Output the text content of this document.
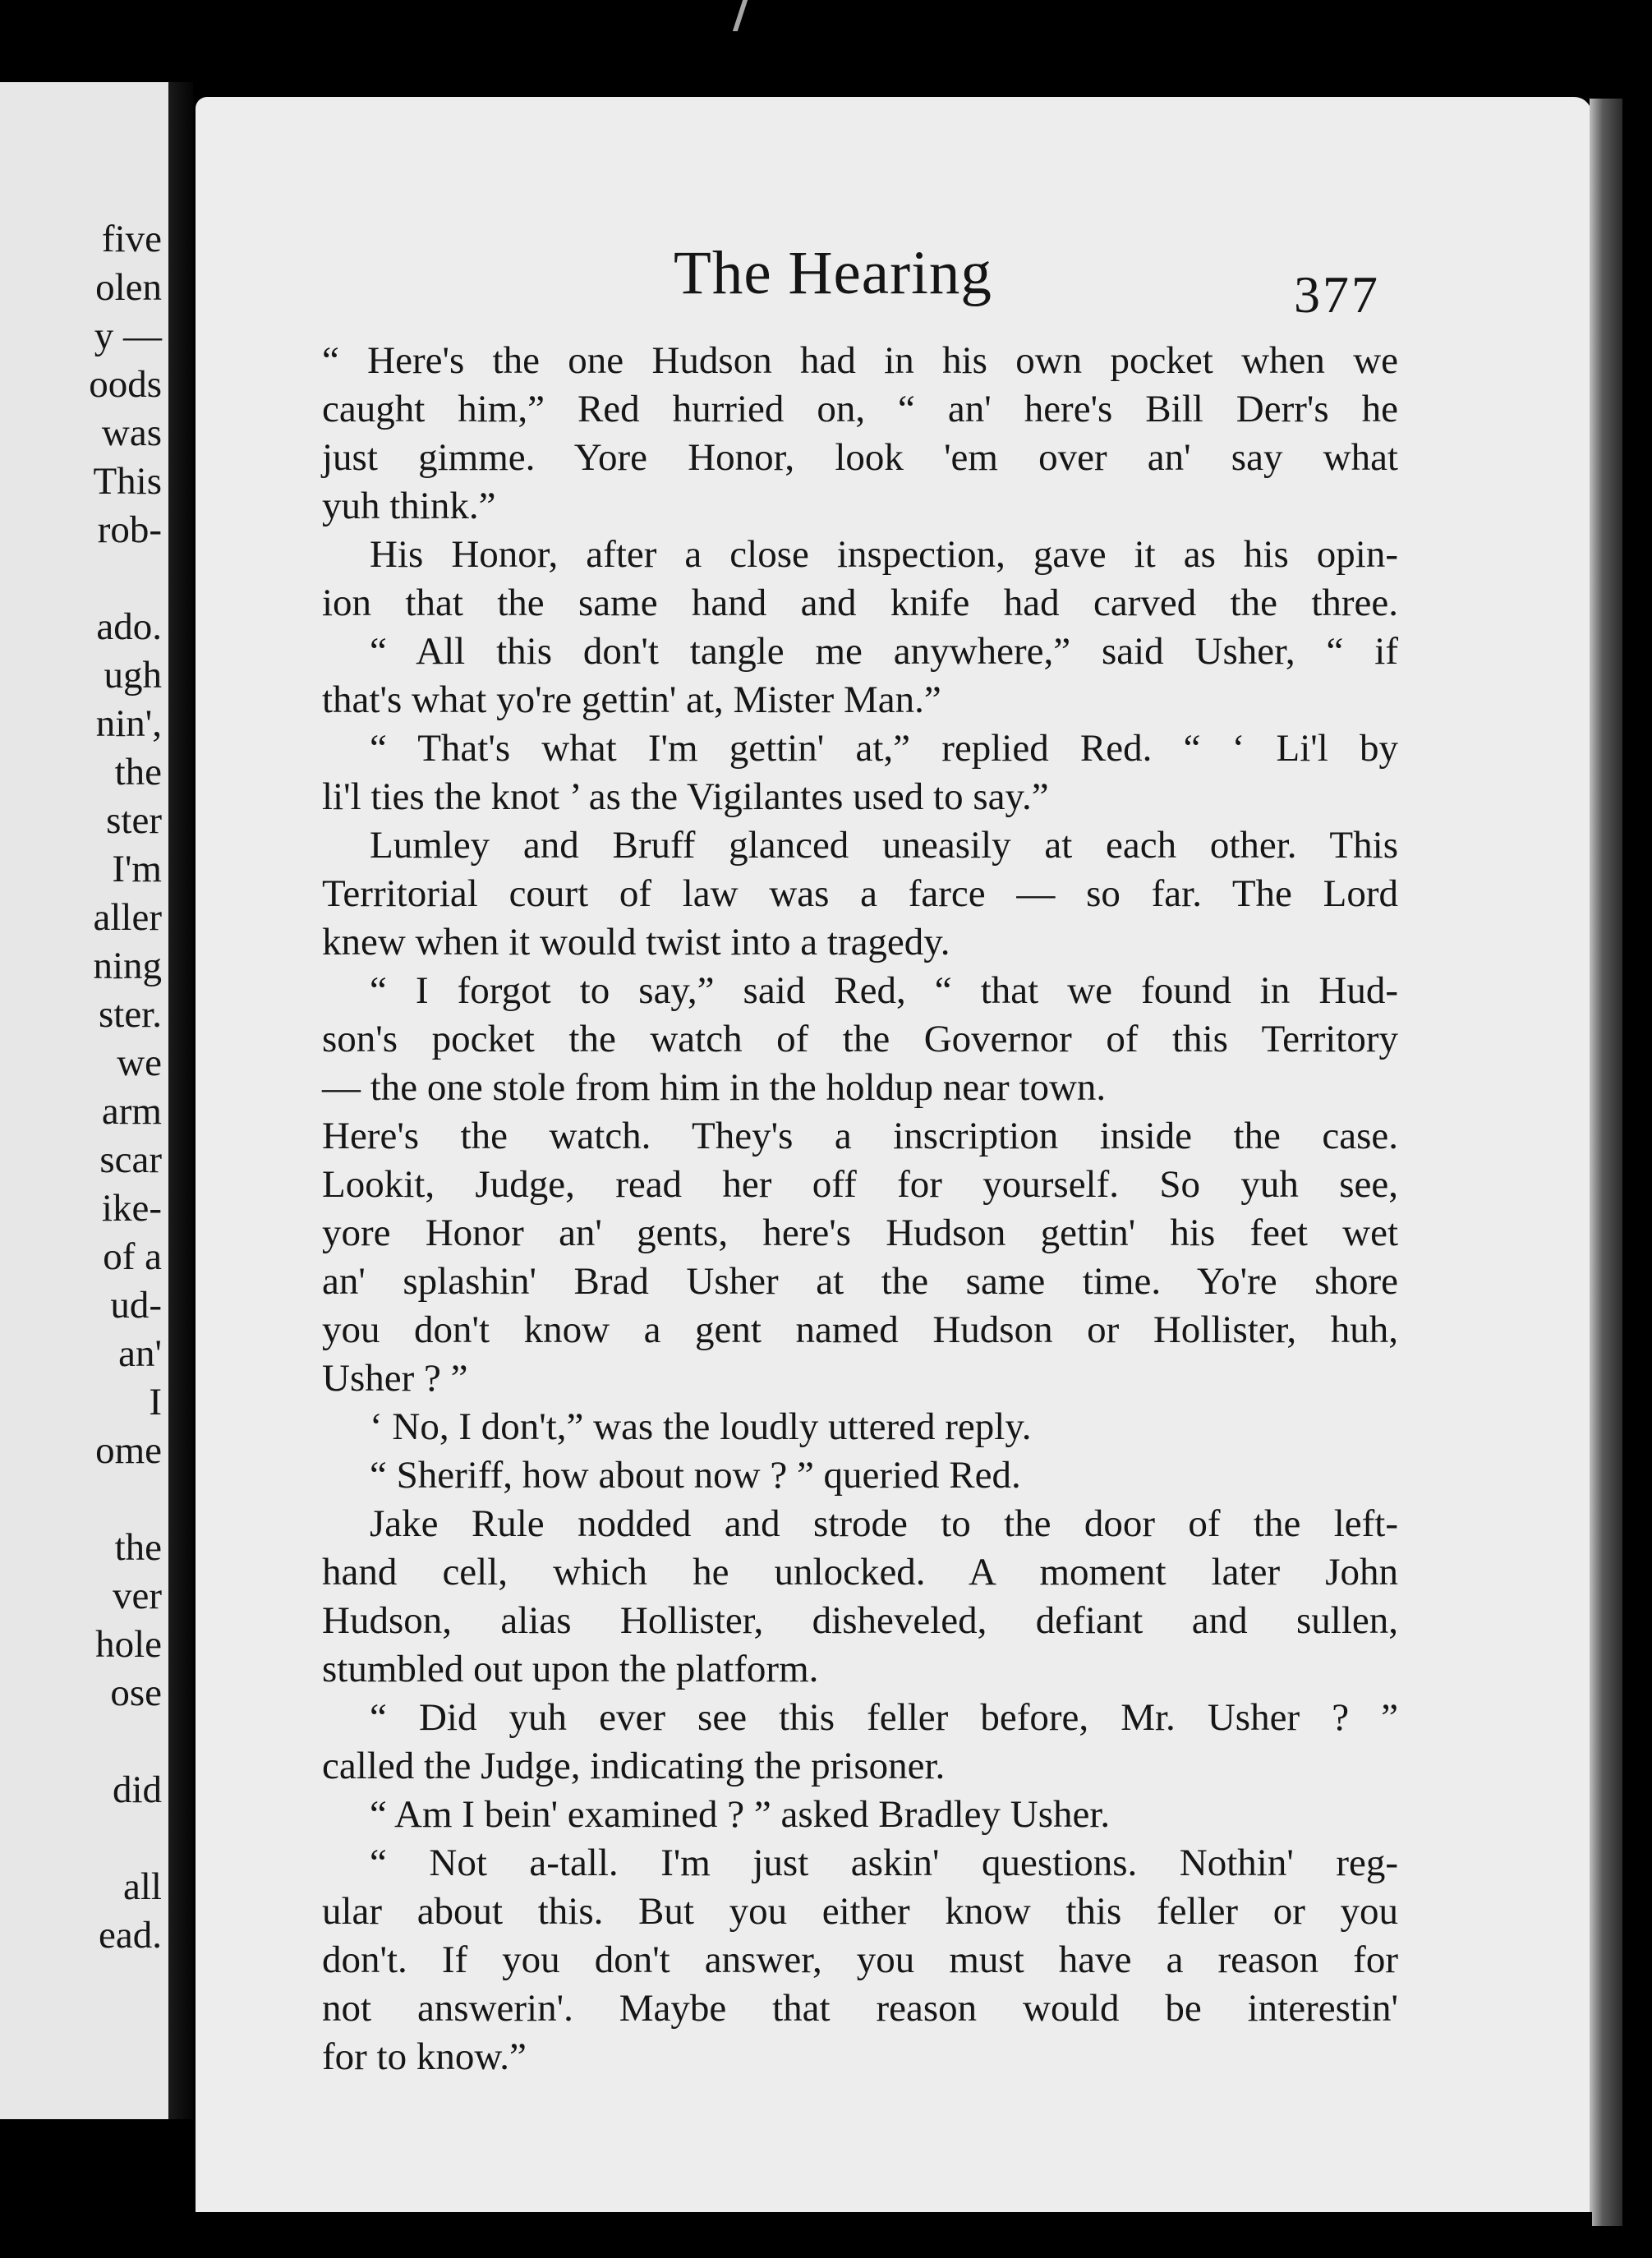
five
olen
y —
oods
was
This
rob-
ado.
ugh
nin',
the
ster
I'm
aller
ning
ster.
we
arm
scar
ike-
of a
ud-
an'
I
ome
the
ver
hole
ose
did
all
ead.
The Hearing	377
“ Here's the one Hudson had in his own pocket when we
caught him,” Red hurried on, “ an' here's Bill Derr's he
just gimme. Yore Honor, look 'em over an' say what
yuh think.”
His Honor, after a close inspection, gave it as his opin-
ion that the same hand and knife had carved the three.
“ All this don't tangle me anywhere,” said Usher, “ if
that's what yo're gettin' at, Mister Man.”
“ That's what I'm gettin' at,” replied Red. “ ‘ Li'l by
li'l ties the knot ’ as the Vigilantes used to say.”
Lumley and Bruff glanced uneasily at each other. This
Territorial court of law was a farce — so far. The Lord
knew when it would twist into a tragedy.
“ I forgot to say,” said Red, “ that we found in Hud-
son's pocket the watch of the Governor of this Territory
— the one stole from him in the holdup near town.
Here's the watch. They's a inscription inside the case.
Lookit, Judge, read her off for yourself. So yuh see,
yore Honor an' gents, here's Hudson gettin' his feet wet
an' splashin' Brad Usher at the same time. Yo're shore
you don't know a gent named Hudson or Hollister, huh,
Usher ? ”
‘ No, I don't,” was the loudly uttered reply.
“ Sheriff, how about now ? ” queried Red.
Jake Rule nodded and strode to the door of the left-
hand cell, which he unlocked. A moment later John
Hudson, alias Hollister, disheveled, defiant and sullen,
stumbled out upon the platform.
“ Did yuh ever see this feller before, Mr. Usher ? ”
called the Judge, indicating the prisoner.
“ Am I bein' examined ? ” asked Bradley Usher.
“ Not a-tall. I'm just askin' questions. Nothin' reg-
ular about this. But you either know this feller or you
don't. If you don't answer, you must have a reason for
not answerin'. Maybe that reason would be interestin'
for to know.”
